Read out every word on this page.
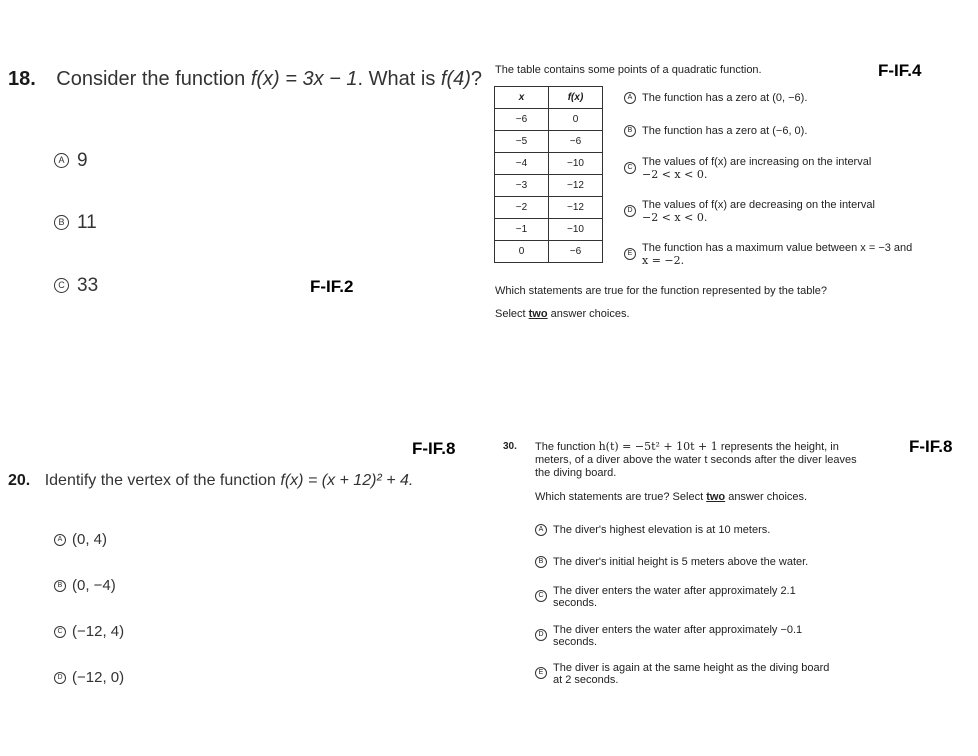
18. Consider the function f(x) = 3x − 1. What is f(4)?
A 9
B 11
C 33	F-IF.2
The table contains some points of a quadratic function.	F-IF.4
x	f(x)
−6	0
−5	−6
−4	−10
−3	−12
−2	−12
−1	−10
0	−6
A The function has a zero at (0, −6).
B The function has a zero at (−6, 0).
C The values of f(x) are increasing on the interval
−2 < x < 0.
D The values of f(x) are decreasing on the interval
−2 < x < 0.
E The function has a maximum value between x = −3 and
x = −2.
Which statements are true for the function represented by the table?
Select two answer choices.
F-IF.8
20. Identify the vertex of the function f(x) = (x + 12)² + 4.
A (0, 4)
B (0, −4)
C (−12, 4)
D (−12, 0)
30.	F-IF.8
The function h(t) = −5t² + 10t + 1 represents the height, in
meters, of a diver above the water t seconds after the diver leaves
the diving board.
Which statements are true? Select two answer choices.
A The diver's highest elevation is at 10 meters.
B The diver's initial height is 5 meters above the water.
C The diver enters the water after approximately 2.1
seconds.
D The diver enters the water after approximately −0.1
seconds.
E The diver is again at the same height as the diving board
at 2 seconds.
